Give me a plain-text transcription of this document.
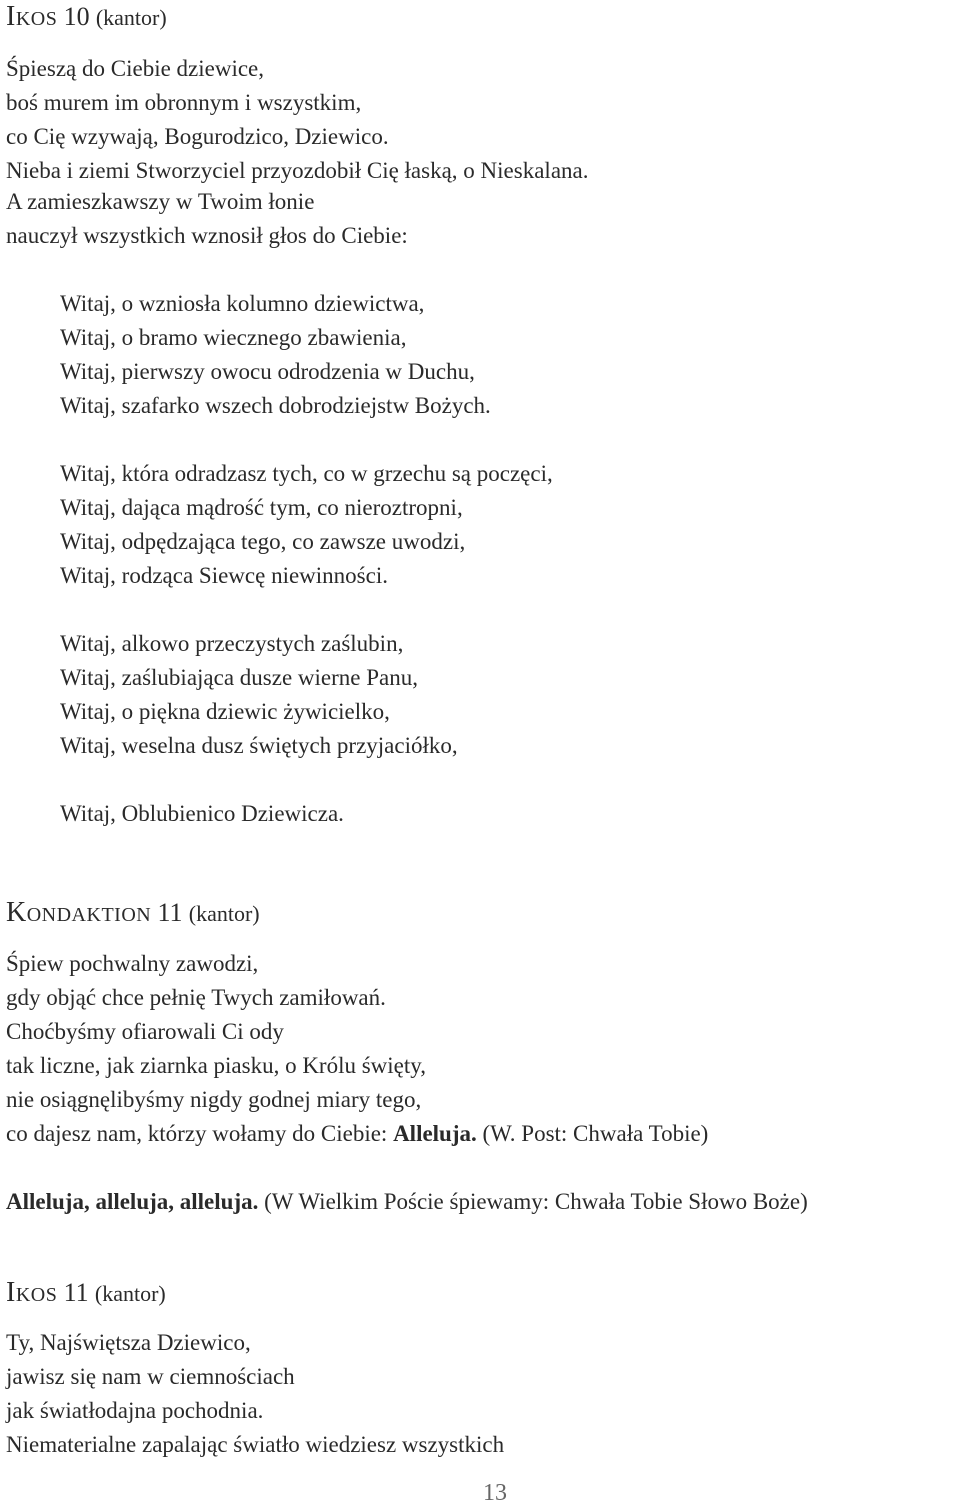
Ikos 10 (kantor)
Śpieszą do Ciebie dziewice,
boś murem im obronnym i wszystkim,
co Cię wzywają, Bogurodzico, Dziewico.
Nieba i ziemi Stworzyciel przyozdobił Cię łaską, o Nieskalana.
A zamieszkawszy w Twoim łonie
nauczył wszystkich wznosił głos do Ciebie:
Witaj, o wzniosła kolumno dziewictwa,
Witaj, o bramo wiecznego zbawienia,
Witaj, pierwszy owocu odrodzenia w Duchu,
Witaj, szafarko wszech dobrodziejstw Bożych.
Witaj, która odradzasz tych, co w grzechu są poczęci,
Witaj, dająca mądrość tym, co nieroztropni,
Witaj, odpędzająca tego, co zawsze uwodzi,
Witaj, rodząca Siewcę niewinności.
Witaj, alkowo przeczystych zaślubin,
Witaj, zaślubiająca dusze wierne Panu,
Witaj, o piękna dziewic żywicielko,
Witaj, weselna dusz świętych przyjaciółko,
Witaj, Oblubienico Dziewicza.
Kondaktion 11 (kantor)
Śpiew pochwalny zawodzi,
gdy objąć chce pełnię Twych zamiłowań.
Choćbyśmy ofiarowali Ci ody
tak liczne, jak ziarnka piasku, o Królu święty,
nie osiągnęlibyśmy nigdy godnej miary tego,
co dajesz nam, którzy wołamy do Ciebie: Alleluja. (W. Post: Chwała Tobie)
Alleluja, alleluja, alleluja. (W Wielkim Poście śpiewamy: Chwała Tobie Słowo Boże)
Ikos 11 (kantor)
Ty, Najświętsza Dziewico,
jawisz się nam w ciemnościach
jak światłodajna pochodnia.
Niematerialne zapalając światło wiedziesz wszystkich
13
